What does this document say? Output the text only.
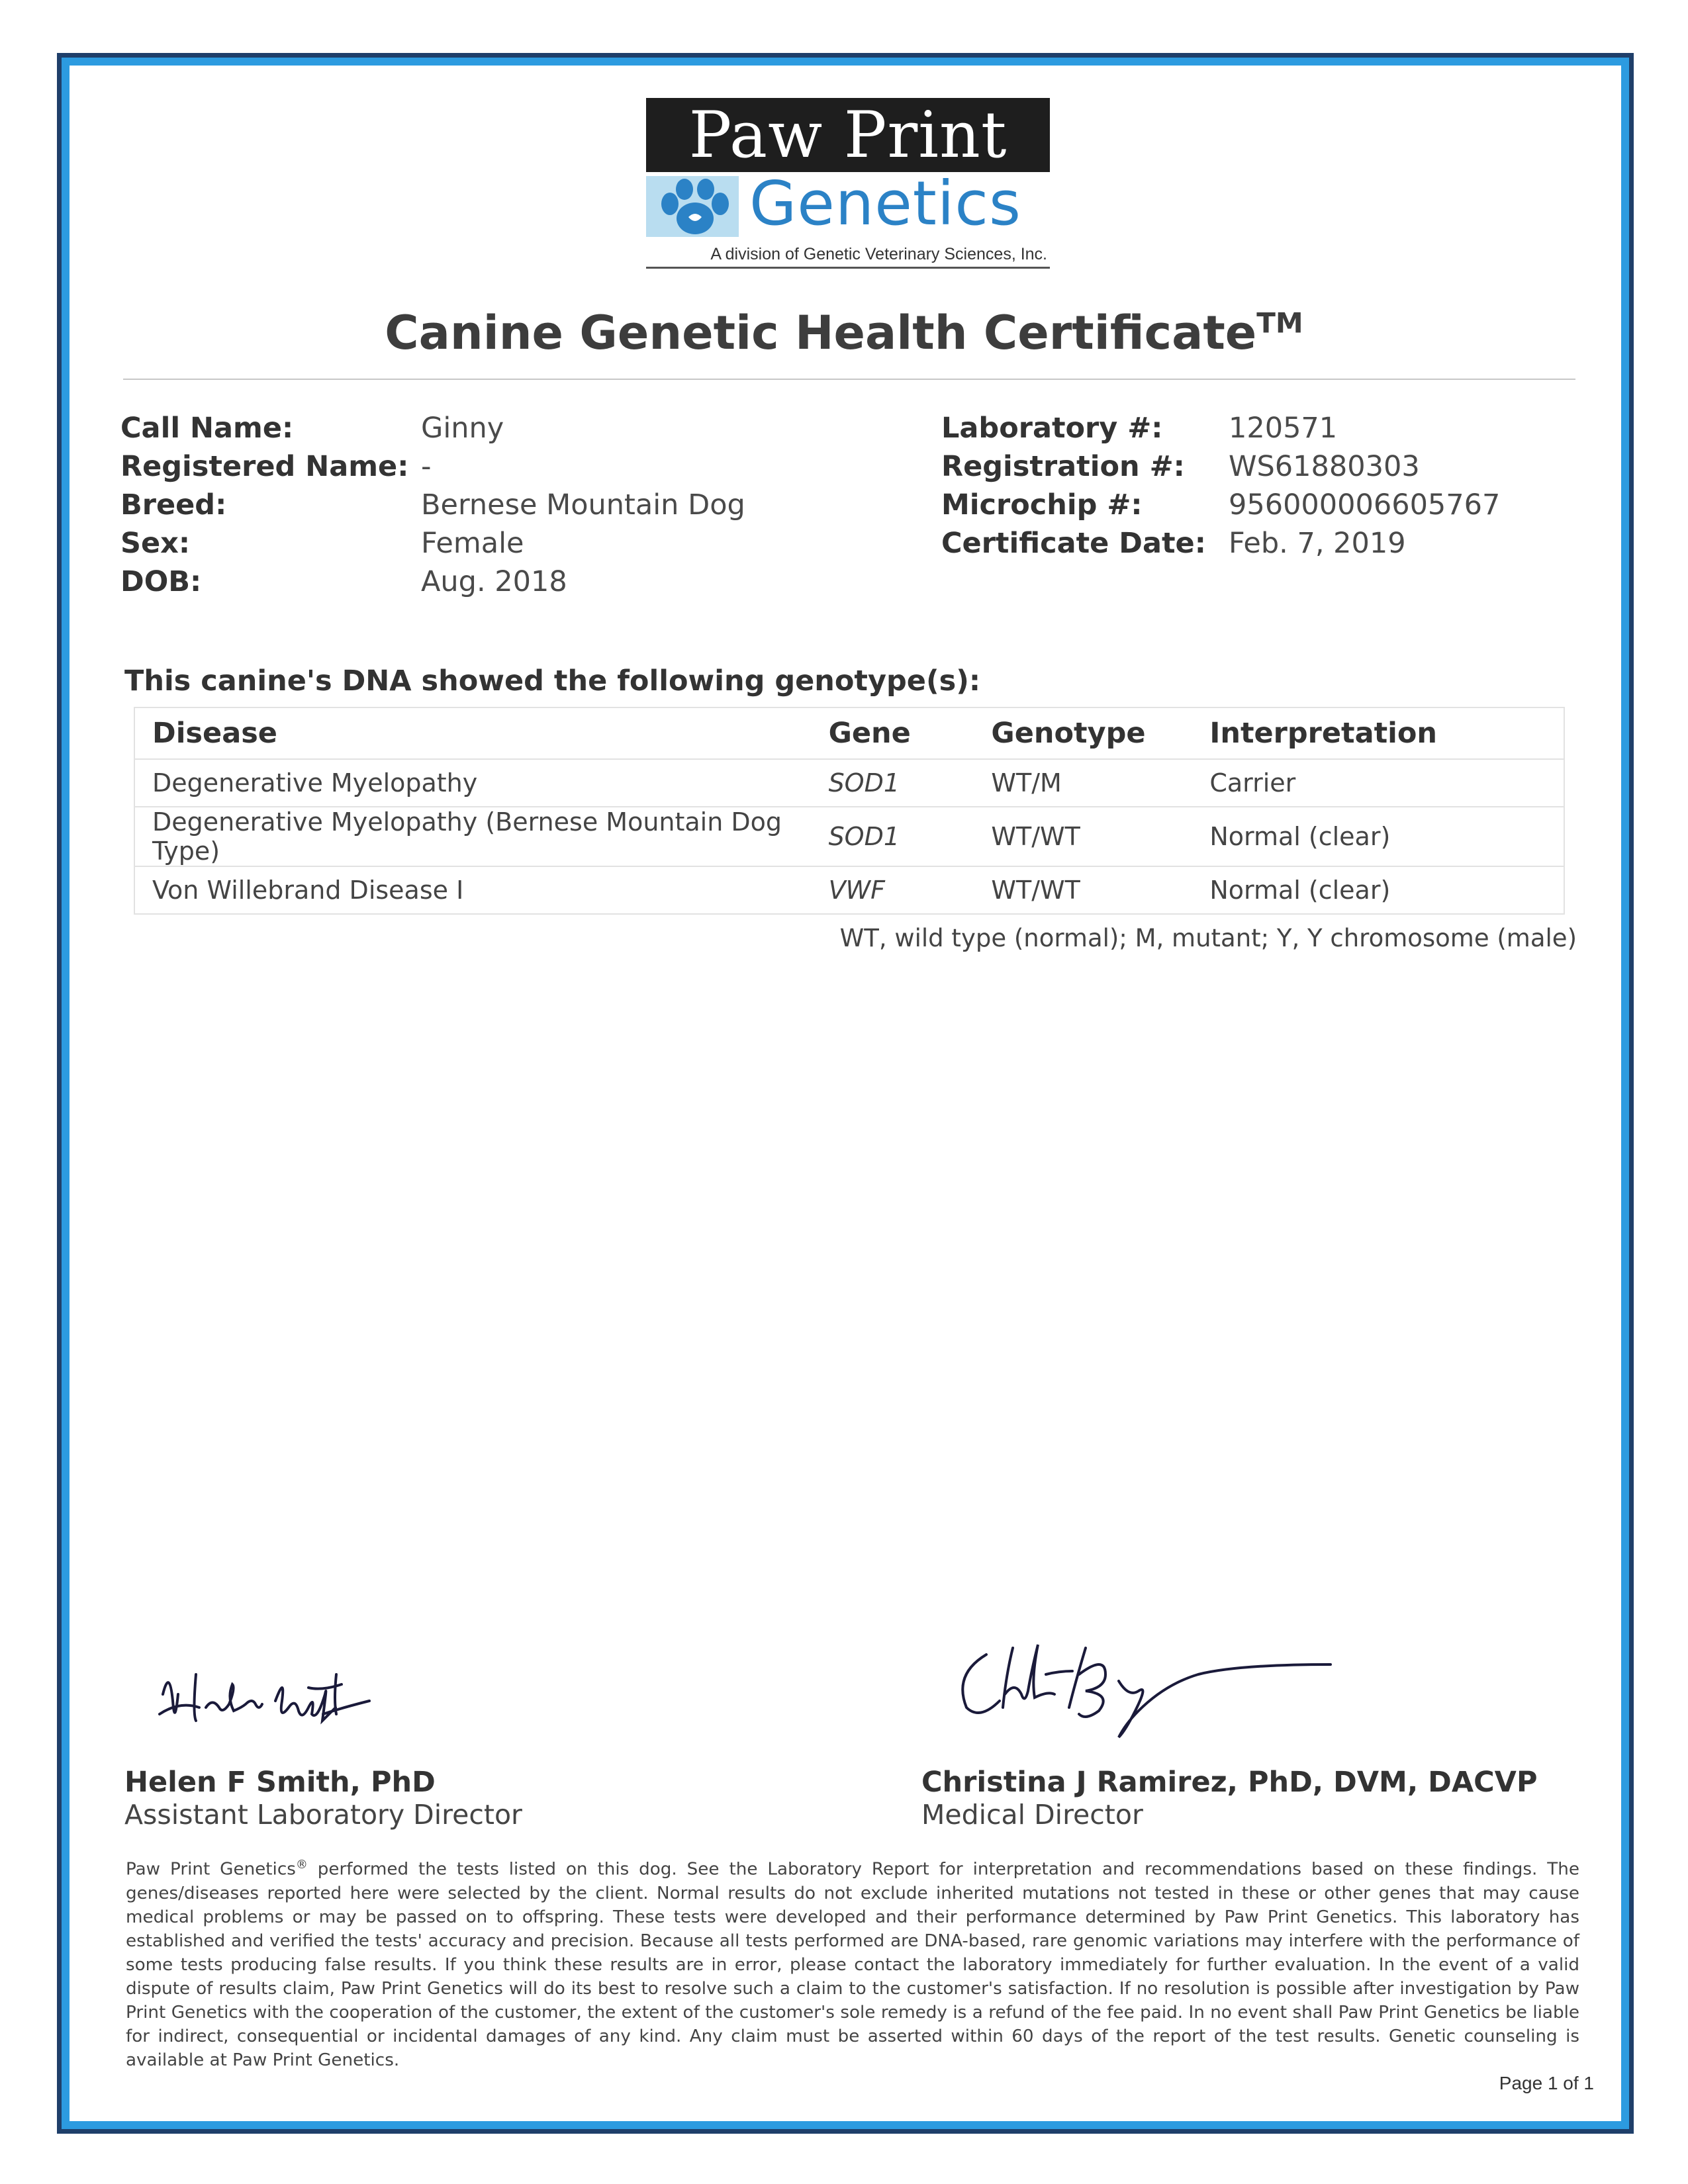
Paw Print
Genetics
A division of Genetic Veterinary Sciences, Inc.
Canine Genetic Health Certificate™
Call Name:	Ginny
Registered Name: -
Breed:	Bernese Mountain Dog
Sex:	Female
DOB:	Aug. 2018
Laboratory #: 120571
Registration #: WS61880303
Microchip #:	956000006605767
Certificate Date: Feb. 7, 2019
This canine's DNA showed the following genotype(s):
Disease	Gene	Genotype	Interpretation
Degenerative Myelopathy	SOD1	WT/M	Carrier
Degenerative Myelopathy (Bernese Mountain Dog Type)	SOD1	WT/WT	Normal (clear)
Von Willebrand Disease I	VWF	WT/WT	Normal (clear)
WT, wild type (normal); M, mutant; Y, Y chromosome (male)
Helen F Smith, PhD
Assistant Laboratory Director
Christina J Ramirez, PhD, DVM, DACVP
Medical Director
Paw Print Genetics® performed the tests listed on this dog. See the Laboratory Report for interpretation and recommendations based on these findings. The genes/diseases reported here were selected by the client. Normal results do not exclude inherited mutations not tested in these or other genes that may cause medical problems or may be passed on to offspring. These tests were developed and their performance determined by Paw Print Genetics. This laboratory has established and verified the tests' accuracy and precision. Because all tests performed are DNA-based, rare genomic variations may interfere with the performance of some tests producing false results. If you think these results are in error, please contact the laboratory immediately for further evaluation. In the event of a valid dispute of results claim, Paw Print Genetics will do its best to resolve such a claim to the customer's satisfaction. If no resolution is possible after investigation by Paw Print Genetics with the cooperation of the customer, the extent of the customer's sole remedy is a refund of the fee paid. In no event shall Paw Print Genetics be liable for indirect, consequential or incidental damages of any kind. Any claim must be asserted within 60 days of the report of the test results. Genetic counseling is available at Paw Print Genetics.
Page 1 of 1
